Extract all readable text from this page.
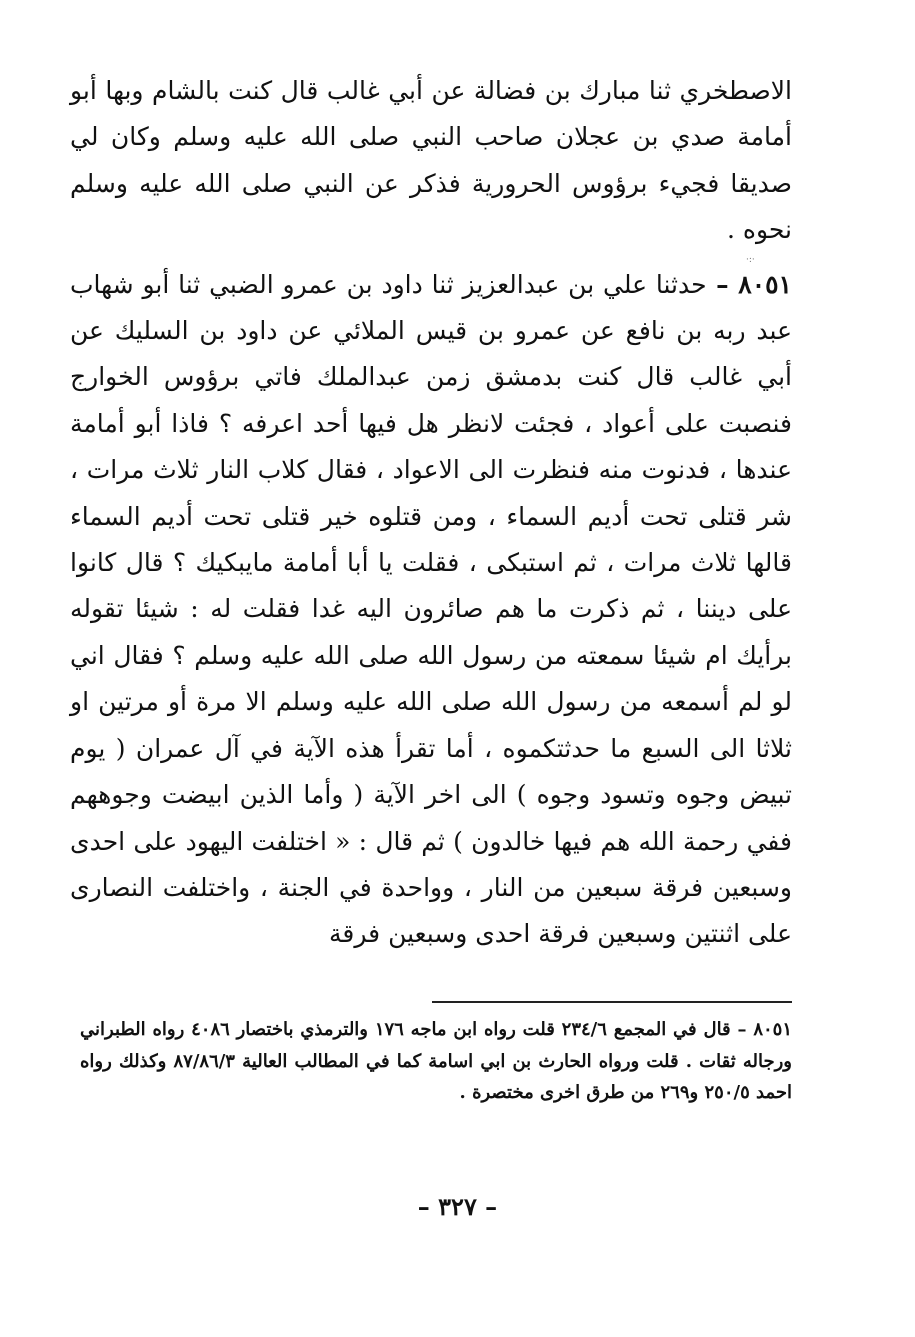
الاصطخري ثنا مبارك بن فضالة عن أبي غالب قال كنت بالشام وبها أبو أمامة صدي بن عجلان صاحب النبي صلى الله عليه وسلم وكان لي صديقا فجيء برؤوس الحرورية فذكر عن النبي صلى الله عليه وسلم نحوه .

٨٠٥١ – حدثنا علي بن عبدالعزيز ثنا داود بن عمرو الضبي ثنا أبو شهاب عبد ربه بن نافع عن عمرو بن قيس الملائي عن داود بن السليك عن أبي غالب قال كنت بدمشق زمن عبدالملك فاتي برؤوس الخوارج فنصبت على أعواد ، فجئت لانظر هل فيها أحد اعرفه ؟ فاذا أبو أمامة عندها ، فدنوت منه فنظرت الى الاعواد ، فقال كلاب النار ثلاث مرات ، شر قتلى تحت أديم السماء ، ومن قتلوه خير قتلى تحت أديم السماء قالها ثلاث مرات ، ثم استبكى ، فقلت يا أبا أمامة مايبكيك ؟ قال كانوا على ديننا ، ثم ذكرت ما هم صائرون اليه غدا فقلت له : شيئا تقوله برأيك ام شيئا سمعته من رسول الله صلى الله عليه وسلم ؟ فقال اني لو لم أسمعه من رسول الله صلى الله عليه وسلم الا مرة أو مرتين او ثلاثا الى السبع ما حدثتكموه ، أما تقرأ هذه الآية في آل عمران ( يوم تبيض وجوه وتسود وجوه ) الى اخر الآية ( وأما الذين ابيضت وجوههم ففي رحمة الله هم فيها خالدون ) ثم قال : « اختلفت اليهود على احدى وسبعين فرقة سبعين من النار ، وواحدة في الجنة ، واختلفت النصارى على اثنتين وسبعين فرقة احدى وسبعين فرقة

·:·

٨٠٥١ – قال في المجمع ٢٣٤/٦ قلت رواه ابن ماجه ١٧٦ والترمذي باختصار ٤٠٨٦ رواه الطبراني ورجاله ثقات . قلت ورواه الحارث بن ابي اسامة كما في المطالب العالية ٨٧/٨٦/٣ وكذلك رواه احمد ٢٥٠/٥ و٢٦٩ من طرق اخرى مختصرة .

– ٣٢٧ –
